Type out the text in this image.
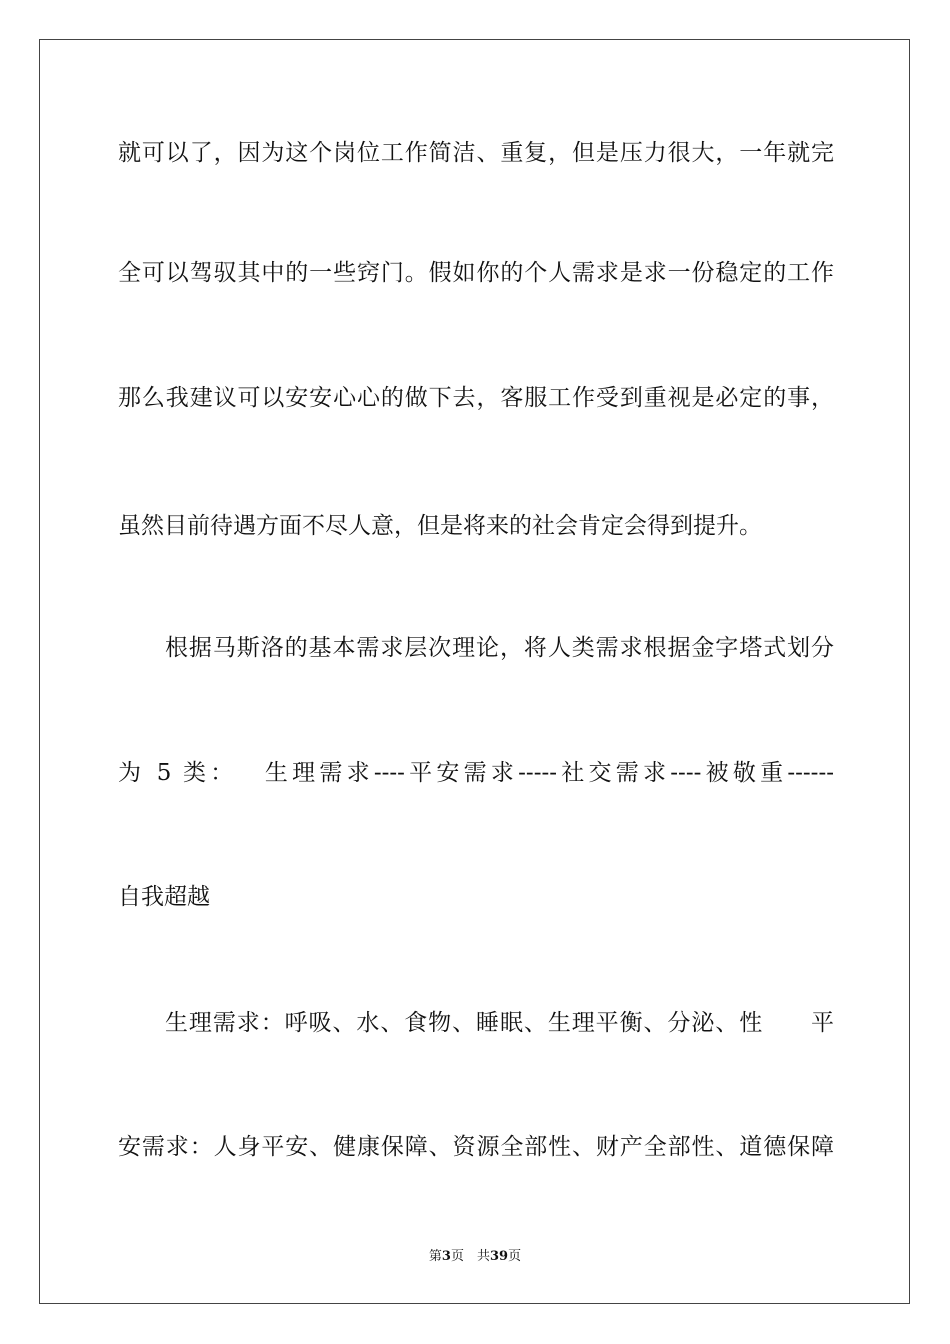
就可以了，因为这个岗位工作简洁、重复，但是压力很大，一年就完
全可以驾驭其中的一些窍门。假如你的个人需求是求一份稳定的工作
那么我建议可以安安心心的做下去，客服工作受到重视是必定的事，
虽然目前待遇方面不尽人意，但是将来的社会肯定会得到提升。
根据马斯洛的基本需求层次理论，将人类需求根据金字塔式划分
为 5 类：　 生理需求----平安需求-----社交需求----被敬重------
自我超越
生理需求：呼吸、水、食物、睡眠、生理平衡、分泌、性　　平
安需求：人身平安、健康保障、资源全部性、财产全部性、道德保障
第3页　共39页
